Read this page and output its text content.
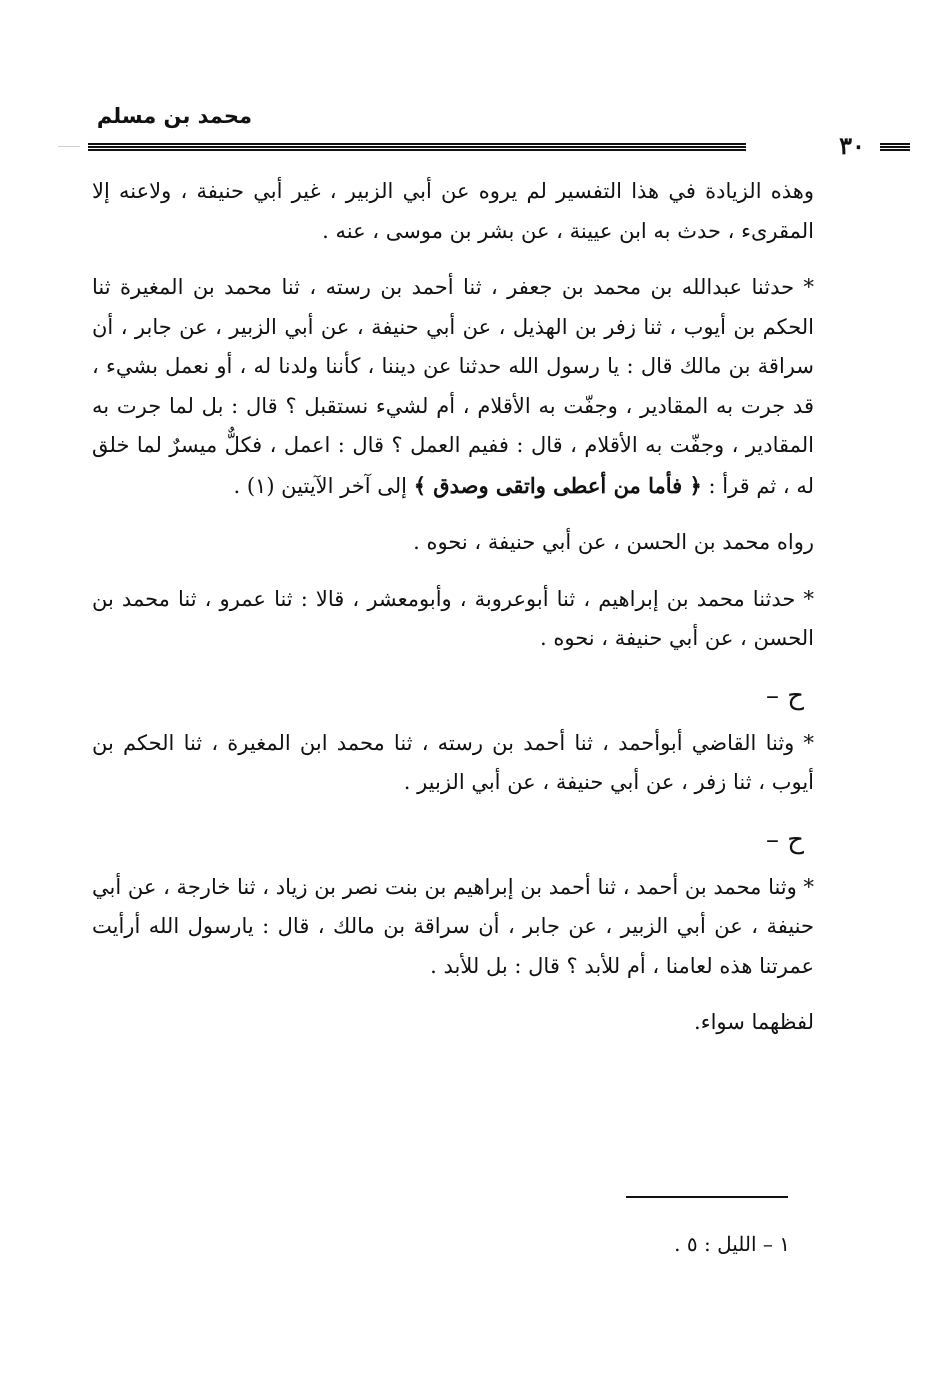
محمد بن مسلم
٣٠

وهذه الزيادة في هذا التفسير لم يروه عن أبي الزبير ، غير أبي حنيفة ، ولاعنه إلا المقرىء ، حدث به ابن عيينة ، عن بشر بن موسى ، عنه .

* حدثنا عبدالله بن محمد بن جعفر ، ثنا أحمد بن رسته ، ثنا محمد بن المغيرة ثنا الحكم بن أيوب ، ثنا زفر بن الهذيل ، عن أبي حنيفة ، عن أبي الزبير ، عن جابر ، أن سراقة بن مالك قال : يا رسول الله حدثنا عن ديننا ، كأننا ولدنا له ، أو نعمل بشيء ، قد جرت به المقادير ، وجفّت به الأقلام ، أم لشيء نستقبل ؟ قال : بل لما جرت به المقادير ، وجفّت به الأقلام ، قال : ففيم العمل ؟ قال : اعمل ، فكلٌّ ميسرٌ لما خلق له ، ثم قرأ : ﴿ فأما من أعطى واتقى وصدق ﴾ إلى آخر الآيتين (١) .

رواه محمد بن الحسن ، عن أبي حنيفة ، نحوه .

* حدثنا محمد بن إبراهيم ، ثنا أبوعروبة ، وأبومعشر ، قالا : ثنا عمرو ، ثنا محمد بن الحسن ، عن أبي حنيفة ، نحوه .

ح –

* وثنا القاضي أبوأحمد ، ثنا أحمد بن رسته ، ثنا محمد ابن المغيرة ، ثنا الحكم بن أيوب ، ثنا زفر ، عن أبي حنيفة ، عن أبي الزبير .

ح –

* وثنا محمد بن أحمد ، ثنا أحمد بن إبراهيم بن بنت نصر بن زياد ، ثنا خارجة ، عن أبي حنيفة ، عن أبي الزبير ، عن جابر ، أن سراقة بن مالك ، قال : يارسول الله أرأيت عمرتنا هذه لعامنا ، أم للأبد ؟ قال : بل للأبد .

لفظهما سواء.

١ – الليل : ٥ .
